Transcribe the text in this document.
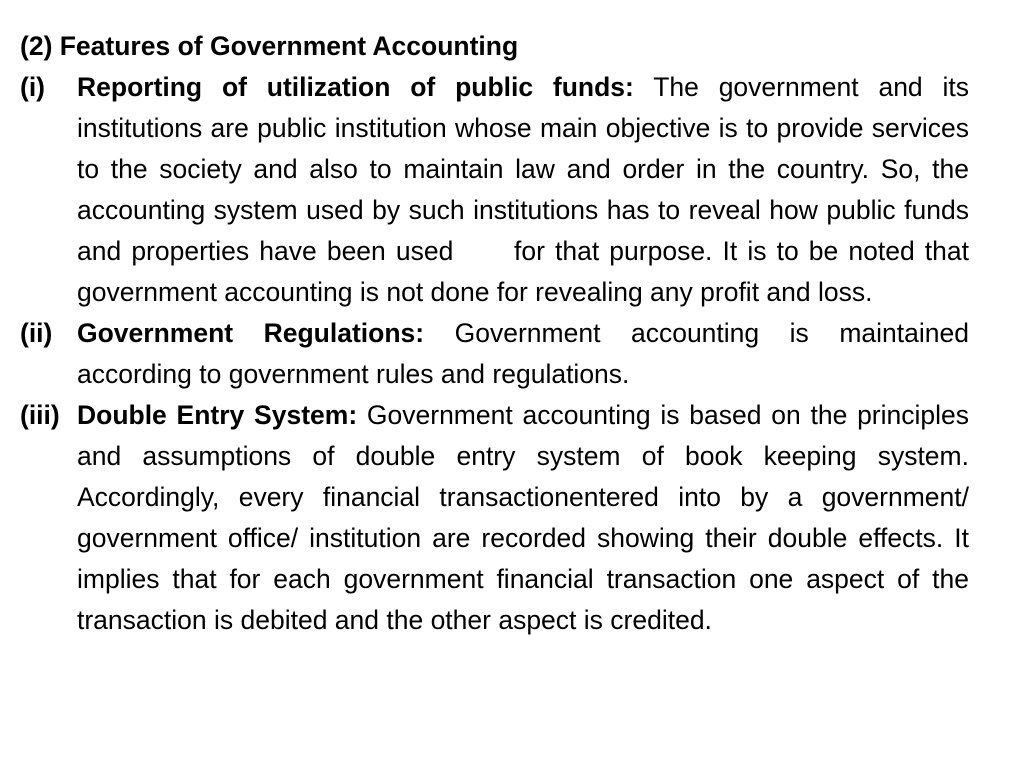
(2) Features of Government Accounting
(i)	Reporting of utilization of public funds: The government and its institutions are public institution whose main objective is to provide services to the society and also to maintain law and order in the country. So, the accounting system used by such institutions has to reveal how public funds and properties have been used      for that purpose. It is to be noted that government accounting is not done for revealing any profit and loss.
(ii) Government Regulations: Government accounting is maintained according to government rules and regulations.
(iii) Double Entry System: Government accounting is based on the principles and assumptions of double entry system of book keeping system. Accordingly, every financial transactionentered into by a government/ government office/ institution are recorded showing their double effects. It implies that for each government financial transaction one aspect of the transaction is debited and the other aspect is credited.
